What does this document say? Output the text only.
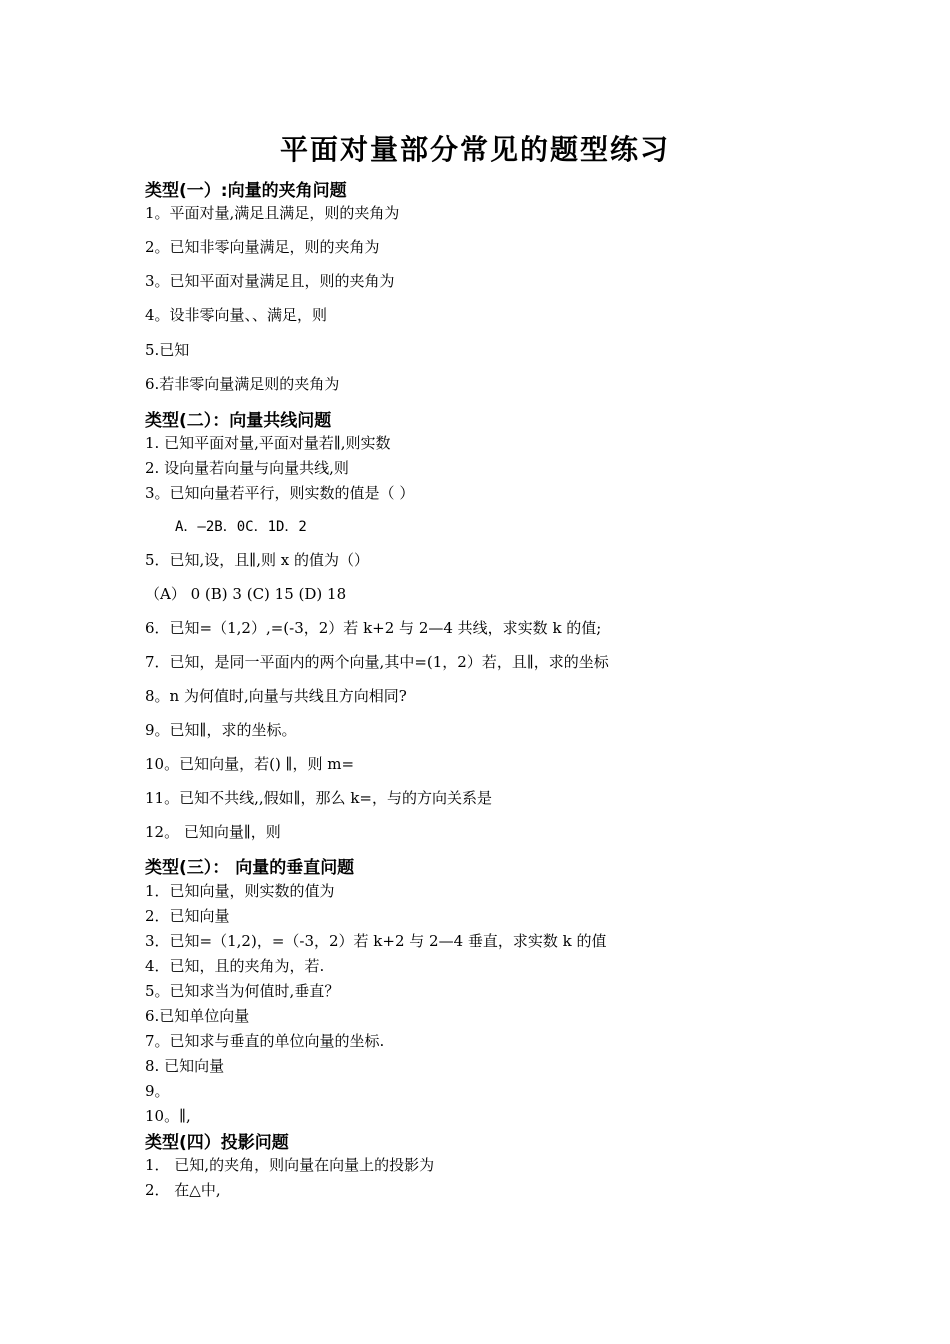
平面对量部分常见的题型练习
类型(一）:向量的夹角问题
1。平面对量,满足且满足，则的夹角为
2。已知非零向量满足，则的夹角为
3。已知平面对量满足且，则的夹角为
4。设非零向量、、满足，则
5.已知
6.若非零向量满足则的夹角为
类型(二）：向量共线问题
1. 已知平面对量,平面对量若∥,则实数
2. 设向量若向量与向量共线,则
3。已知向量若平行，则实数的值是（ ）
A．—2B．0C．1D．2
5．已知,设，且∥,则 x 的值为（）
（A） 0 (B) 3 (C) 15 (D) 18
6．已知=（1,2）,=(-3，2）若 k+2 与 2—4 共线，求实数 k 的值;
7．已知，是同一平面内的两个向量,其中=(1，2）若，且∥，求的坐标
8。n 为何值时,向量与共线且方向相同?
9。已知∥，求的坐标。
10。已知向量，若() ∥，则 m=
11。已知不共线,,假如∥，那么 k=，与的方向关系是
12。 已知向量∥，则
类型(三）： 向量的垂直问题
1．已知向量，则实数的值为
2．已知向量
3．已知=（1,2)，=（-3，2）若 k+2 与 2—4 垂直，求实数 k 的值
4．已知，且的夹角为，若.
5。已知求当为何值时,垂直？
6.已知单位向量
7。已知求与垂直的单位向量的坐标.
8. 已知向量
9。
10。∥,
类型(四）投影问题
1． 已知,的夹角，则向量在向量上的投影为
2． 在△中,
